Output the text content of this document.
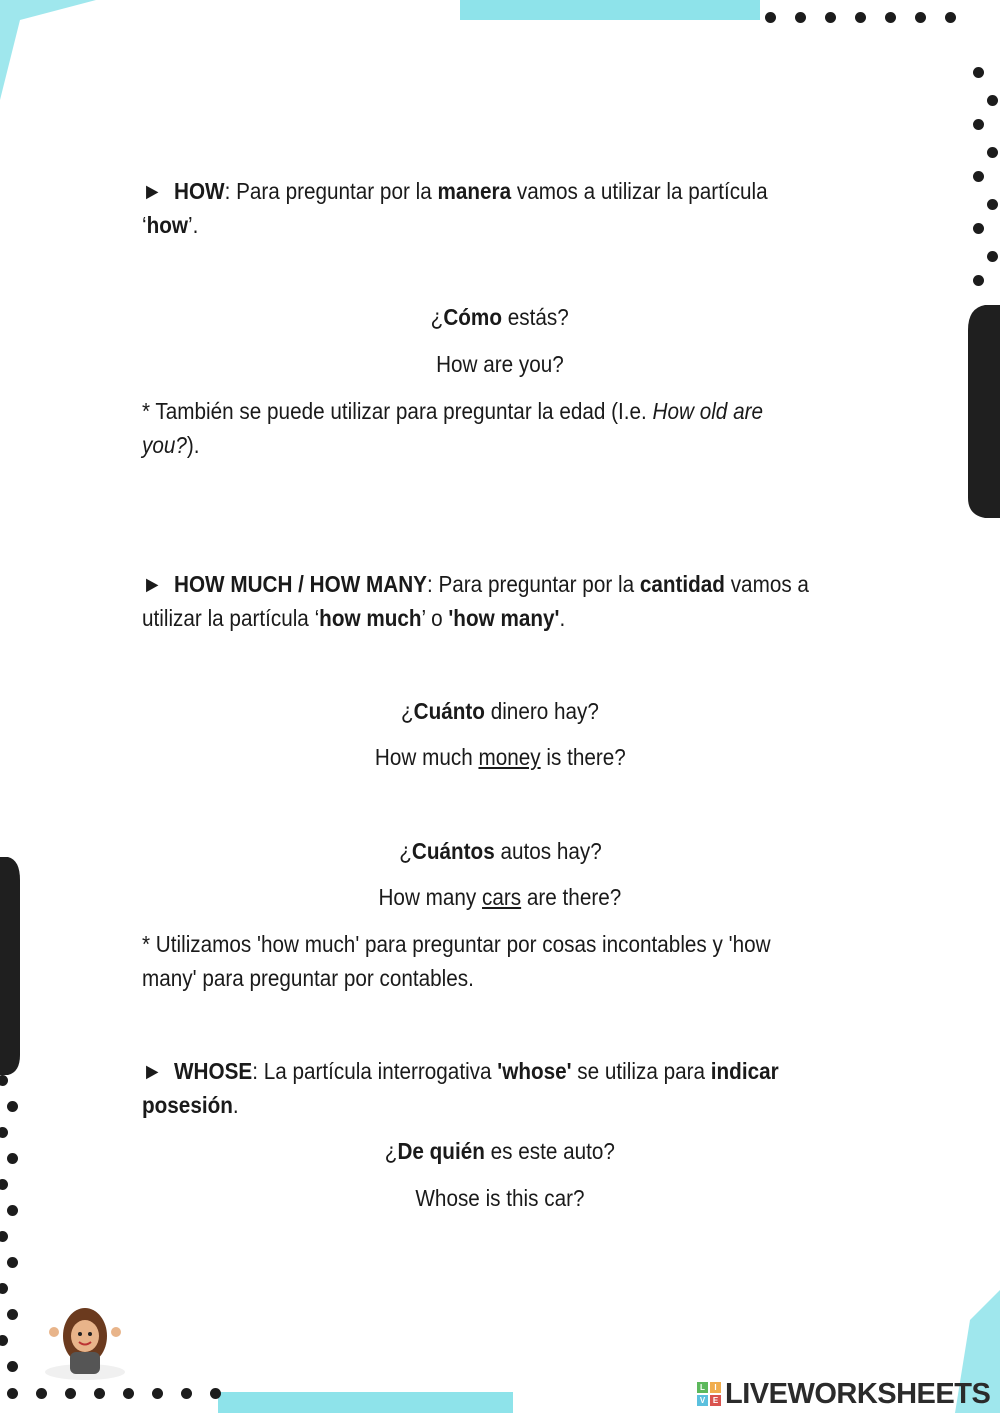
► HOW: Para preguntar por la manera vamos a utilizar la partícula
‘how’.
¿Cómo estás?
How are you?
* También se puede utilizar para preguntar la edad (I.e. How old are
you?).
► HOW MUCH / HOW MANY: Para preguntar por la cantidad vamos a
utilizar la partícula ‘how much’ o 'how many'.
¿Cuánto dinero hay?
How much money is there?
¿Cuántos autos hay?
How many cars are there?
* Utilizamos 'how much' para preguntar por cosas incontables y 'how
many' para preguntar por contables.
► WHOSE: La partícula interrogativa 'whose' se utiliza para indicar
posesión.
¿De quién es este auto?
Whose is this car?
L	I
V E LIVEWORKSHEETS
